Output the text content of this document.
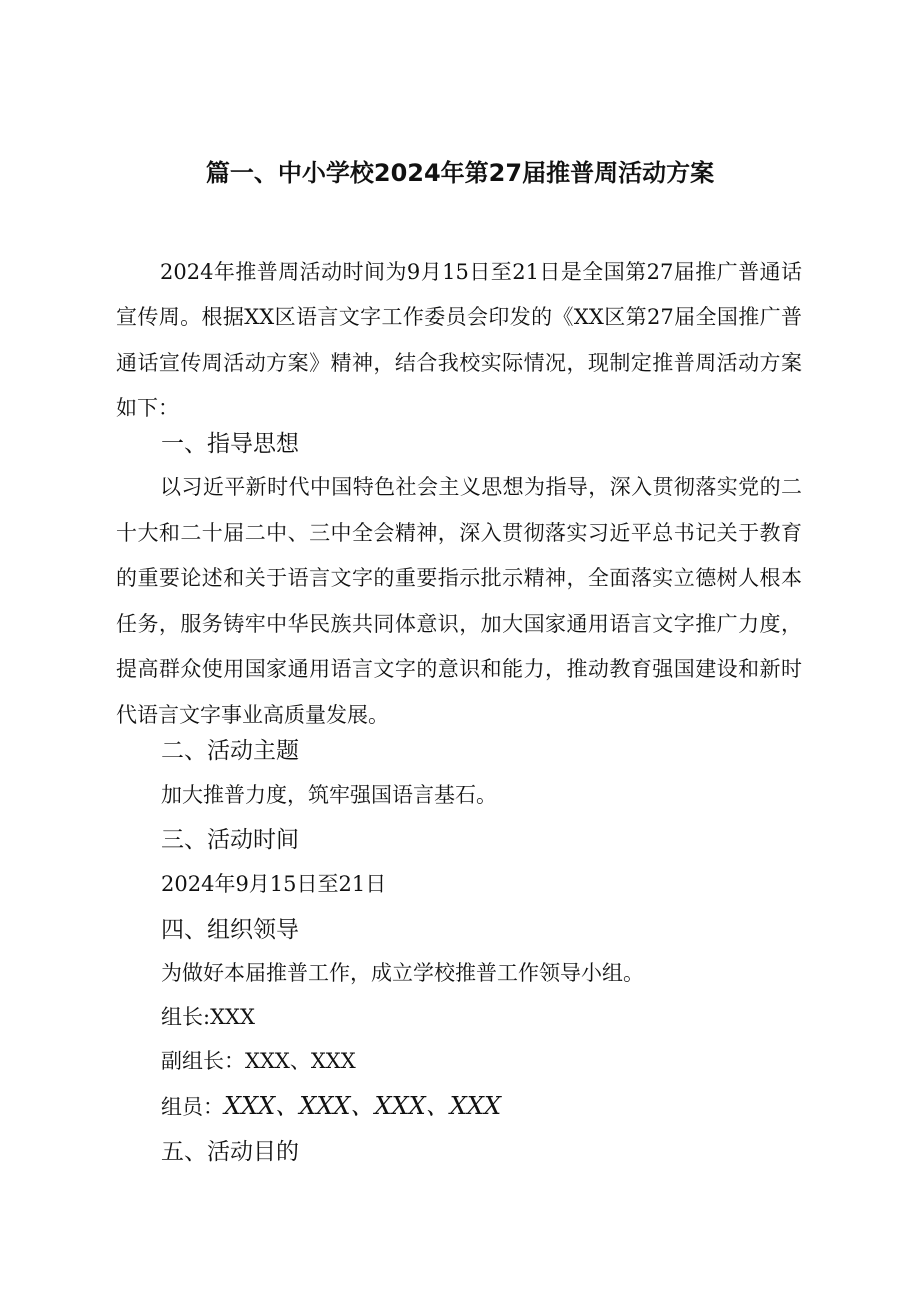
篇一、中小学校2024年第27届推普周活动方案

2024年推普周活动时间为9月15日至21日是全国第27届推广普通话宣传周。根据XX区语言文字工作委员会印发的《XX区第27届全国推广普通话宣传周活动方案》精神，结合我校实际情况，现制定推普周活动方案如下：

一、指导思想

以习近平新时代中国特色社会主义思想为指导，深入贯彻落实党的二十大和二十届二中、三中全会精神，深入贯彻落实习近平总书记关于教育的重要论述和关于语言文字的重要指示批示精神，全面落实立德树人根本任务，服务铸牢中华民族共同体意识，加大国家通用语言文字推广力度，提高群众使用国家通用语言文字的意识和能力，推动教育强国建设和新时代语言文字事业高质量发展。

二、活动主题

加大推普力度，筑牢强国语言基石。

三、活动时间

2024年9月15日至21日

四、组织领导

为做好本届推普工作，成立学校推普工作领导小组。

组长:XXX

副组长：XXX、XXX

组员：XXX、XXX、XXX、XXX

五、活动目的
